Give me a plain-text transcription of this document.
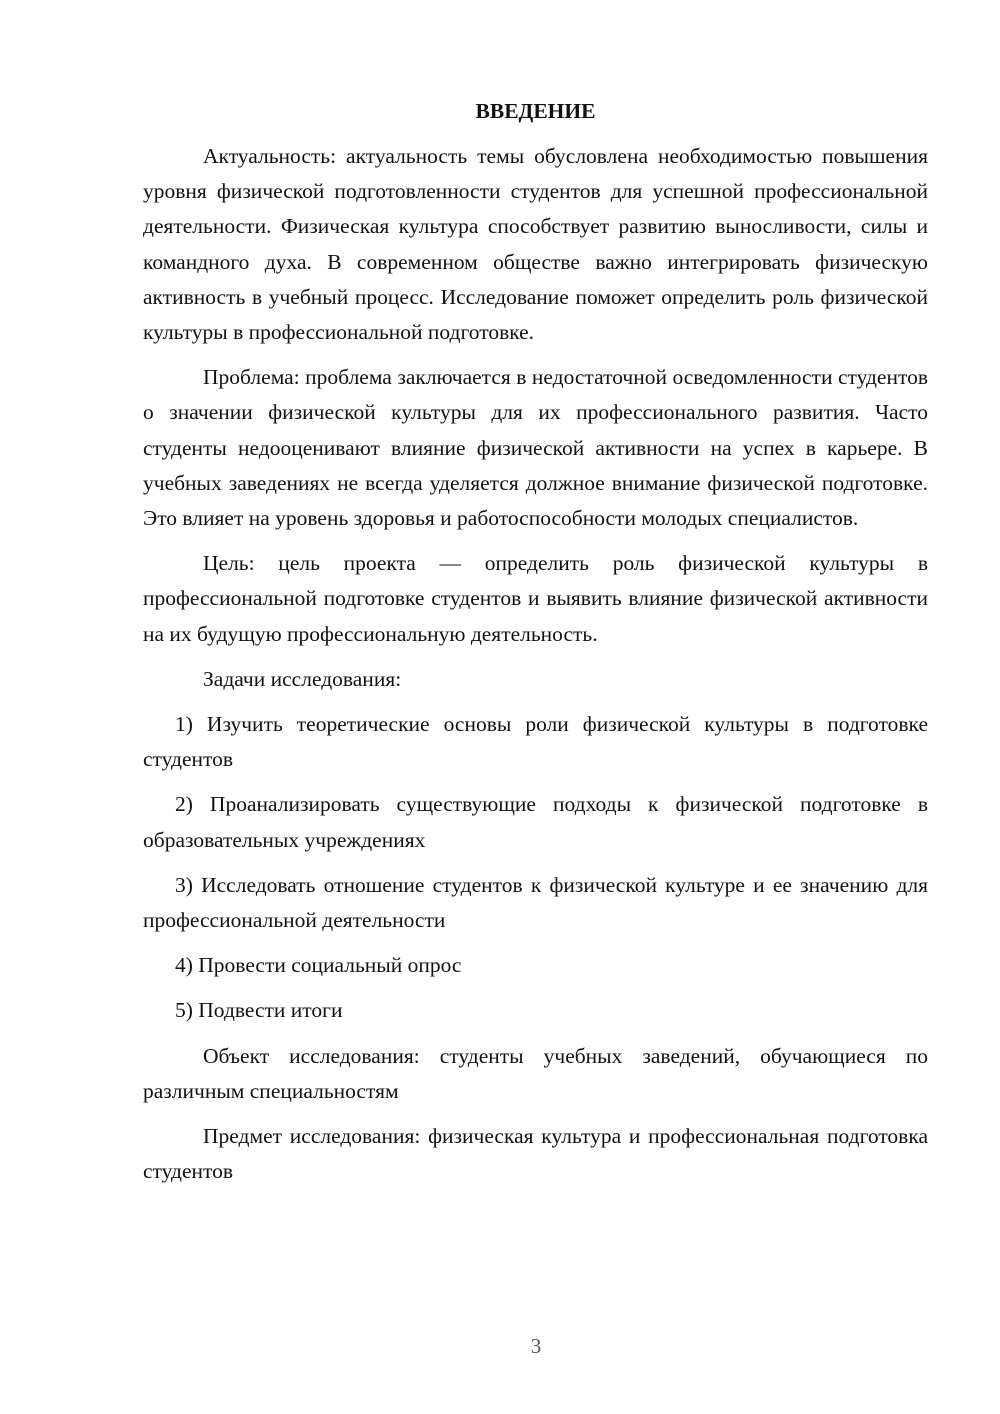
ВВЕДЕНИЕ

Актуальность: актуальность темы обусловлена необходимостью повышения уровня физической подготовленности студентов для успешной профессиональной деятельности. Физическая культура способствует развитию выносливости, силы и командного духа. В современном обществе важно интегрировать физическую активность в учебный процесс. Исследование поможет определить роль физической культуры в профессиональной подготовке.

Проблема: проблема заключается в недостаточной осведомленности студентов о значении физической культуры для их профессионального развития. Часто студенты недооценивают влияние физической активности на успех в карьере. В учебных заведениях не всегда уделяется должное внимание физической подготовке. Это влияет на уровень здоровья и работоспособности молодых специалистов.

Цель: цель проекта — определить роль физической культуры в профессиональной подготовке студентов и выявить влияние физической активности на их будущую профессиональную деятельность.

Задачи исследования:

1) Изучить теоретические основы роли физической культуры в подготовке студентов

2) Проанализировать существующие подходы к физической подготовке в образовательных учреждениях

3) Исследовать отношение студентов к физической культуре и ее значению для профессиональной деятельности

4) Провести социальный опрос

5) Подвести итоги

Объект исследования: студенты учебных заведений, обучающиеся по различным специальностям

Предмет исследования: физическая культура и профессиональная подготовка студентов

3
